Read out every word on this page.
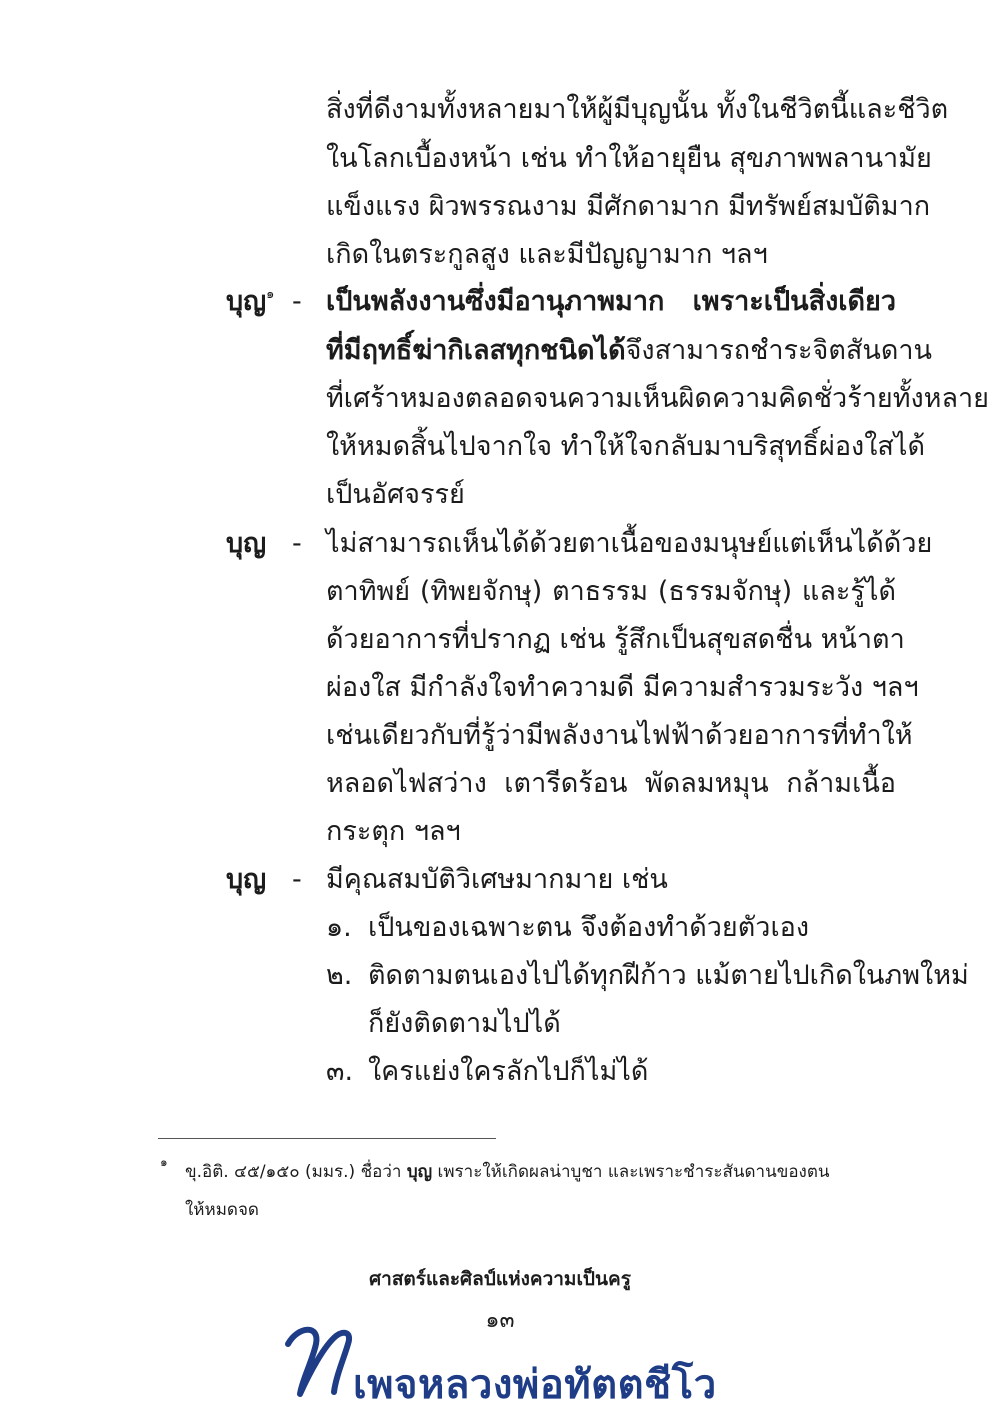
สิ่งที่ดีงามทั้งหลายมาให้ผู้มีบุญนั้น ทั้งในชีวิตนี้และชีวิต
ในโลกเบื้องหน้า เช่น ทำให้อายุยืน สุขภาพพลานามัย
แข็งแรง ผิวพรรณงาม มีศักดามาก มีทรัพย์สมบัติมาก
เกิดในตระกูลสูง และมีปัญญามาก ฯลฯ
บุญ$^๑$ - เป็นพลังงานซึ่งมีอานุภาพมาก เพราะเป็นสิ่งเดียว
ที่มีฤทธิ์ฆ่ากิเลสทุกชนิดได้ จึงสามารถชำระจิตสันดาน
ที่เศร้าหมองตลอดจนความเห็นผิดความคิดชั่วร้ายทั้งหลาย
ให้หมดสิ้นไปจากใจ ทำให้ใจกลับมาบริสุทธิ์ผ่องใสได้
เป็นอัศจรรย์
บุญ - ไม่สามารถเห็นได้ด้วยตาเนื้อของมนุษย์แต่เห็นได้ด้วย
ตาทิพย์ (ทิพยจักษุ) ตาธรรม (ธรรมจักษุ) และรู้ได้
ด้วยอาการที่ปรากฏ เช่น รู้สึกเป็นสุขสดชื่น หน้าตา
ผ่องใส มีกำลังใจทำความดี มีความสำรวมระวัง ฯลฯ
เช่นเดียวกับที่รู้ว่ามีพลังงานไฟฟ้าด้วยอาการที่ทำให้
หลอดไฟสว่าง เตารีดร้อน พัดลมหมุน กล้ามเนื้อ
กระตุก ฯลฯ
บุญ - มีคุณสมบัติวิเศษมากมาย เช่น
๑. เป็นของเฉพาะตน จึงต้องทำด้วยตัวเอง
๒. ติดตามตนเองไปได้ทุกฝีก้าว แม้ตายไปเกิดในภพใหม่
ก็ยังติดตามไปได้
๓. ใครแย่งใครลักไปก็ไม่ได้
๑ ขุ.อิติ. ๔๕/๑๕๐ (มมร.) ชื่อว่า บุญ เพราะให้เกิดผลน่าบูชา และเพราะชำระสันดานของตน
ให้หมดจด
ศาสตร์และศิลป์แห่งความเป็นครู
๑๓
เพจหลวงพ่อทัตตชีโว
